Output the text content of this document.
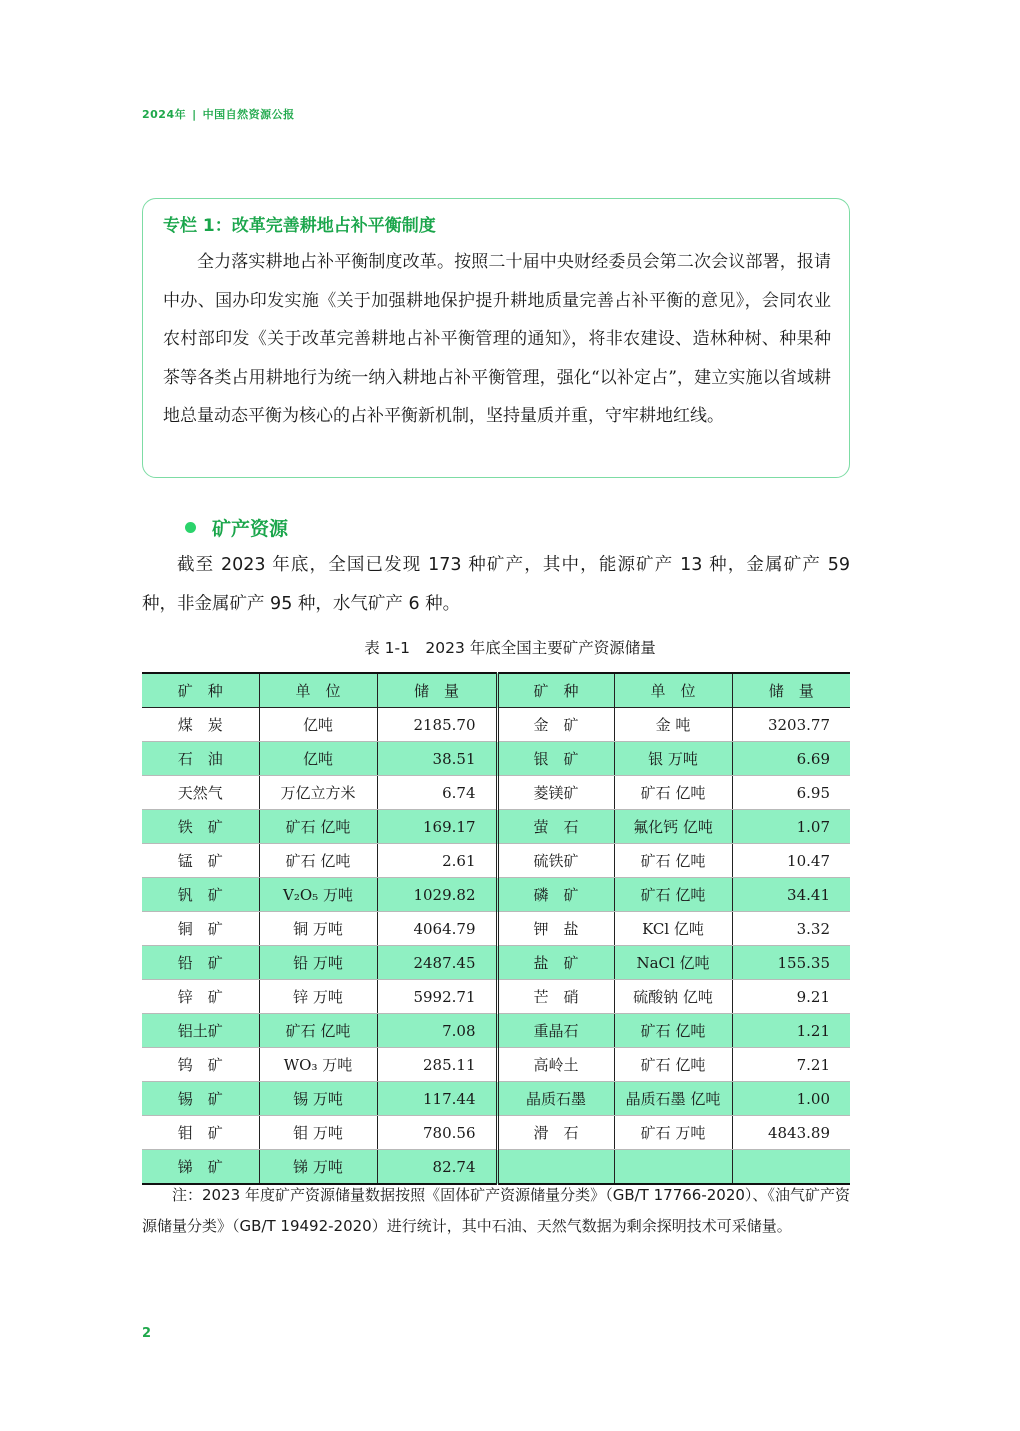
2024年 | 中国自然资源公报
专栏 1：改革完善耕地占补平衡制度
全力落实耕地占补平衡制度改革。按照二十届中央财经委员会第二次会议部署，报请中办、国办印发实施《关于加强耕地保护提升耕地质量完善占补平衡的意见》，会同农业农村部印发《关于改革完善耕地占补平衡管理的通知》，将非农建设、造林种树、种果种茶等各类占用耕地行为统一纳入耕地占补平衡管理，强化“以补定占”，建立实施以省域耕地总量动态平衡为核心的占补平衡新机制，坚持量质并重，守牢耕地红线。
矿产资源
截至 2023 年底，全国已发现 173 种矿产，其中，能源矿产 13 种，金属矿产 59 种，非金属矿产 95 种，水气矿产 6 种。
表 1-1　2023 年底全国主要矿产资源储量
矿　种	单　位	储　量	矿　种	单　位	储　量
煤　炭	亿吨	2185.70	金　矿	金 吨	3203.77
石　油	亿吨	38.51	银　矿	银 万吨	6.69
天然气	万亿立方米	6.74	菱镁矿	矿石 亿吨	6.95
铁　矿	矿石 亿吨	169.17	萤　石	氟化钙 亿吨	1.07
锰　矿	矿石 亿吨	2.61	硫铁矿	矿石 亿吨	10.47
钒　矿	V₂O₅ 万吨	1029.82	磷　矿	矿石 亿吨	34.41
铜　矿	铜 万吨	4064.79	钾　盐	KCl 亿吨	3.32
铅　矿	铅 万吨	2487.45	盐　矿	NaCl 亿吨	155.35
锌　矿	锌 万吨	5992.71	芒　硝	硫酸钠 亿吨	9.21
铝土矿	矿石 亿吨	7.08	重晶石	矿石 亿吨	1.21
钨　矿	WO₃ 万吨	285.11	高岭土	矿石 亿吨	7.21
锡　矿	锡 万吨	117.44	晶质石墨	晶质石墨 亿吨	1.00
钼　矿	钼 万吨	780.56	滑　石	矿石 万吨	4843.89
锑　矿	锑 万吨	82.74			
注：2023 年度矿产资源储量数据按照《固体矿产资源储量分类》（GB/T 17766-2020）、《油气矿产资源储量分类》（GB/T 19492-2020）进行统计，其中石油、天然气数据为剩余探明技术可采储量。
2
